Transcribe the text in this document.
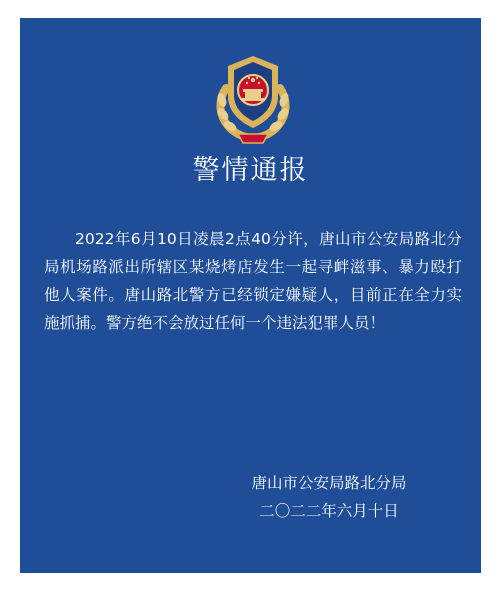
警情通报

2022年6月10日凌晨2点40分许，唐山市公安局路北分局机场路派出所辖区某烧烤店发生一起寻衅滋事、暴力殴打他人案件。唐山路北警方已经锁定嫌疑人，目前正在全力实施抓捕。警方绝不会放过任何一个违法犯罪人员！

唐山市公安局路北分局
二〇二二年六月十日
